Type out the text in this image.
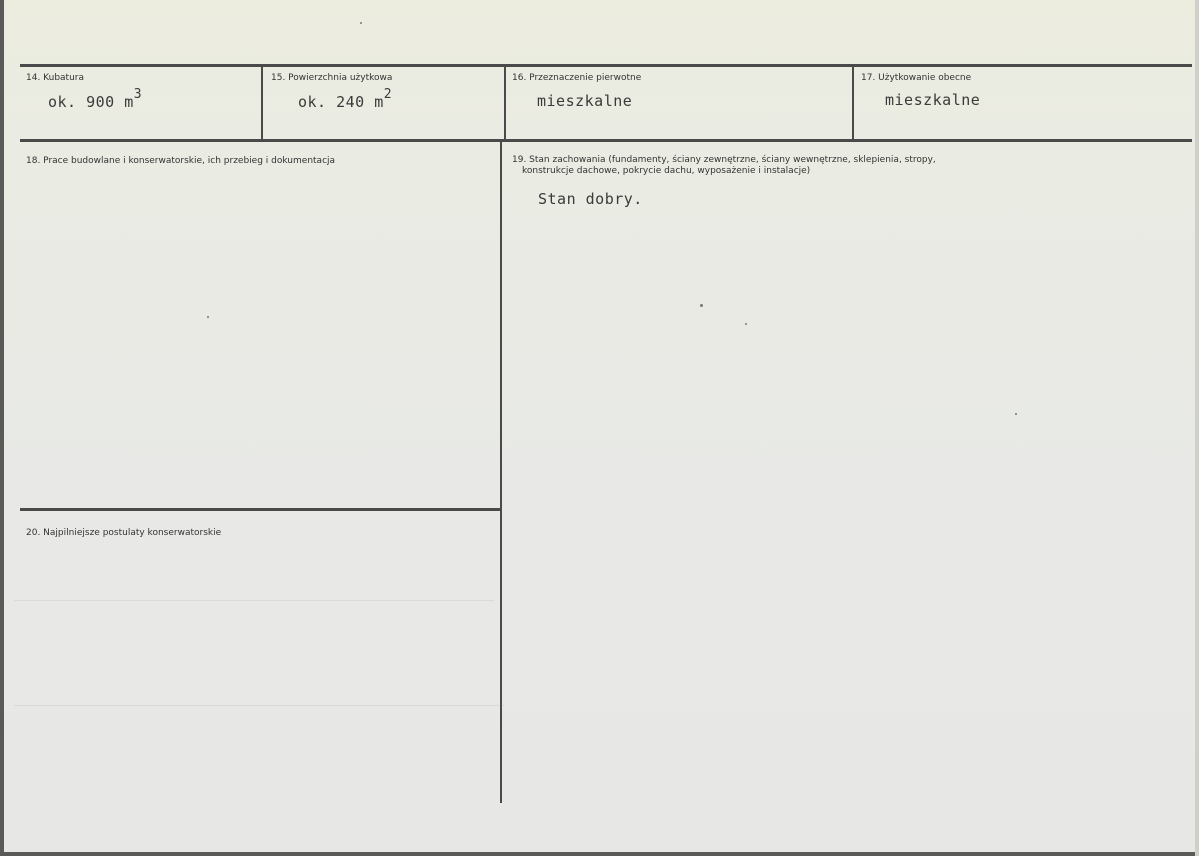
14. Kubatura
ok. 900 m3
15. Powierzchnia użytkowa
ok. 240 m2
16. Przeznaczenie pierwotne
mieszkalne
17. Użytkowanie obecne
mieszkalne
18. Prace budowlane i konserwatorskie, ich przebieg i dokumentacja	19. Stan zachowania (fundamenty, ściany zewnętrzne, ściany wewnętrzne, sklepienia, stropy,
konstrukcje dachowe, pokrycie dachu, wyposażenie i instalacje)
Stan dobry.
20. Najpilniejsze postulaty konserwatorskie
